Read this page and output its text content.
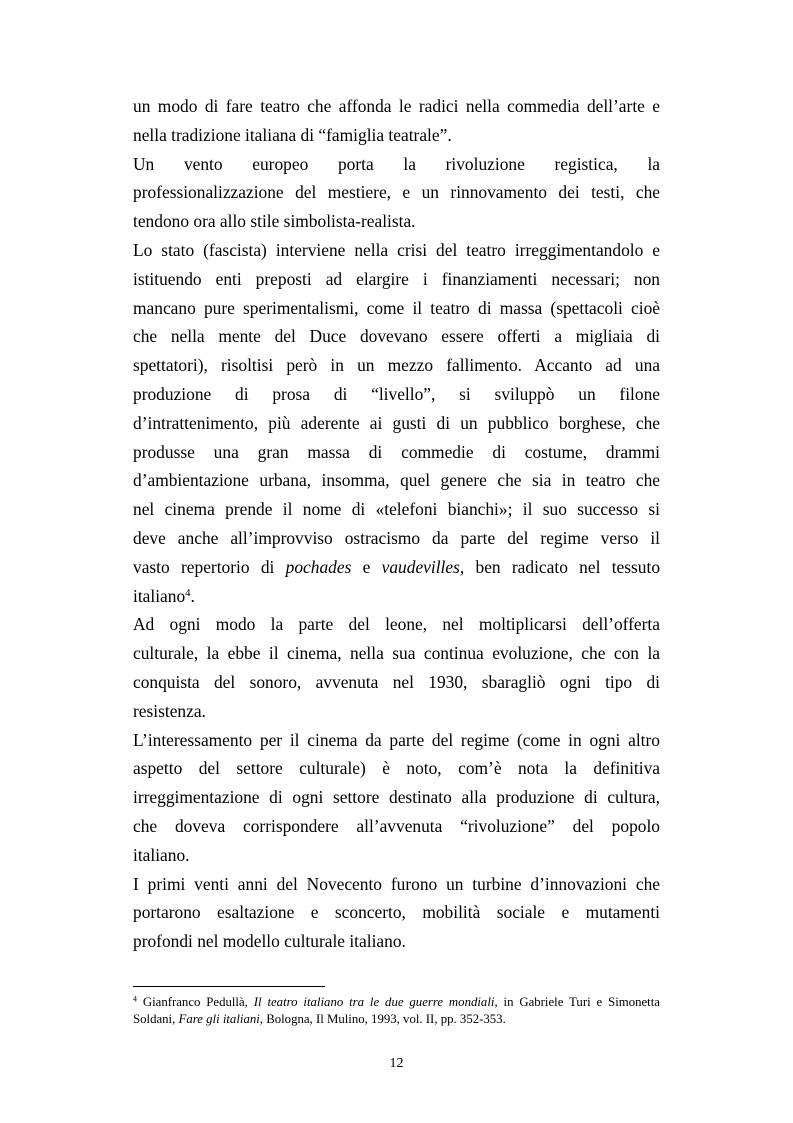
un modo di fare teatro che affonda le radici nella commedia dell’arte e
nella tradizione italiana di “famiglia teatrale”.

Un vento europeo porta la rivoluzione registica, la
professionalizzazione del mestiere, e un rinnovamento dei testi, che
tendono ora allo stile simbolista-realista.

Lo stato (fascista) interviene nella crisi del teatro irreggimentandolo e
istituendo enti preposti ad elargire i finanziamenti necessari; non
mancano pure sperimentalismi, come il teatro di massa (spettacoli cioè
che nella mente del Duce dovevano essere offerti a migliaia di
spettatori), risoltisi però in un mezzo fallimento. Accanto ad una
produzione di prosa di “livello”, si sviluppò un filone
d’intrattenimento, più aderente ai gusti di un pubblico borghese, che
produsse una gran massa di commedie di costume, drammi
d’ambientazione urbana, insomma, quel genere che sia in teatro che
nel cinema prende il nome di «telefoni bianchi»; il suo successo si
deve anche all’improvviso ostracismo da parte del regime verso il
vasto repertorio di pochades e vaudevilles, ben radicato nel tessuto
italiano$^4$.

Ad ogni modo la parte del leone, nel moltiplicarsi dell’offerta
culturale, la ebbe il cinema, nella sua continua evoluzione, che con la
conquista del sonoro, avvenuta nel 1930, sbaragliò ogni tipo di
resistenza.

L’interessamento per il cinema da parte del regime (come in ogni altro
aspetto del settore culturale) è noto, com’è nota la definitiva
irreggimentazione di ogni settore destinato alla produzione di cultura,
che doveva corrispondere all’avvenuta “rivoluzione” del popolo
italiano.

I primi venti anni del Novecento furono un turbine d’innovazioni che
portarono esaltazione e sconcerto, mobilità sociale e mutamenti
profondi nel modello culturale italiano.

$^4$ Gianfranco Pedullà, Il teatro italiano tra le due guerre mondiali, in Gabriele Turi e Simonetta
Soldani, Fare gli italiani, Bologna, Il Mulino, 1993, vol. II, pp. 352-353.
12
